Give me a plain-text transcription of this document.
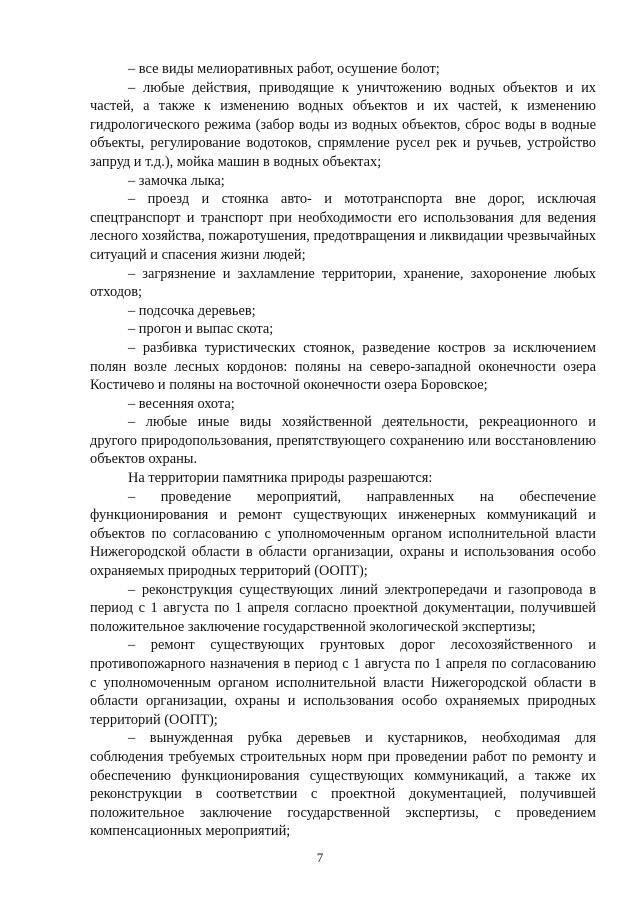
– все виды мелиоративных работ, осушение болот;

– любые действия, приводящие к уничтожению водных объектов и их частей, а также к изменению водных объектов и их частей, к изменению гидрологического режима (забор воды из водных объектов, сброс воды в водные объекты, регулирование водотоков, спрямление русел рек и ручьев, устройство запруд и т.д.), мойка машин в водных объектах;

– замочка лыка;

– проезд и стоянка авто- и мототранспорта вне дорог, исключая спецтранспорт и транспорт при необходимости его использования для ведения лесного хозяйства, пожаротушения, предотвращения и ликвидации чрезвычайных ситуаций и спасения жизни людей;

– загрязнение и захламление территории, хранение, захоронение любых отходов;

– подсочка деревьев;

– прогон и выпас скота;

– разбивка туристических стоянок, разведение костров за исключением полян возле лесных кордонов: поляны на северо-западной оконечности озера Костичево и поляны на восточной оконечности озера Боровское;

– весенняя охота;

– любые иные виды хозяйственной деятельности, рекреационного и другого природопользования, препятствующего сохранению или восстановлению объектов охраны.

На территории памятника природы разрешаются:

– проведение мероприятий, направленных на обеспечение функционирования и ремонт существующих инженерных коммуникаций и объектов по согласованию с уполномоченным органом исполнительной власти Нижегородской области в области организации, охраны и использования особо охраняемых природных территорий (ООПТ);

– реконструкция существующих линий электропередачи и газопровода в период с 1 августа по 1 апреля согласно проектной документации, получившей положительное заключение государственной экологической экспертизы;

– ремонт существующих грунтовых дорог лесохозяйственного и противопожарного назначения в период с 1 августа по 1 апреля по согласованию с уполномоченным органом исполнительной власти Нижегородской области в области организации, охраны и использования особо охраняемых природных территорий (ООПТ);

– вынужденная рубка деревьев и кустарников, необходимая для соблюдения требуемых строительных норм при проведении работ по ремонту и обеспечению функционирования существующих коммуникаций, а также их реконструкции в соответствии с проектной документацией, получившей положительное заключение государственной экспертизы, с проведением компенсационных мероприятий;

7
